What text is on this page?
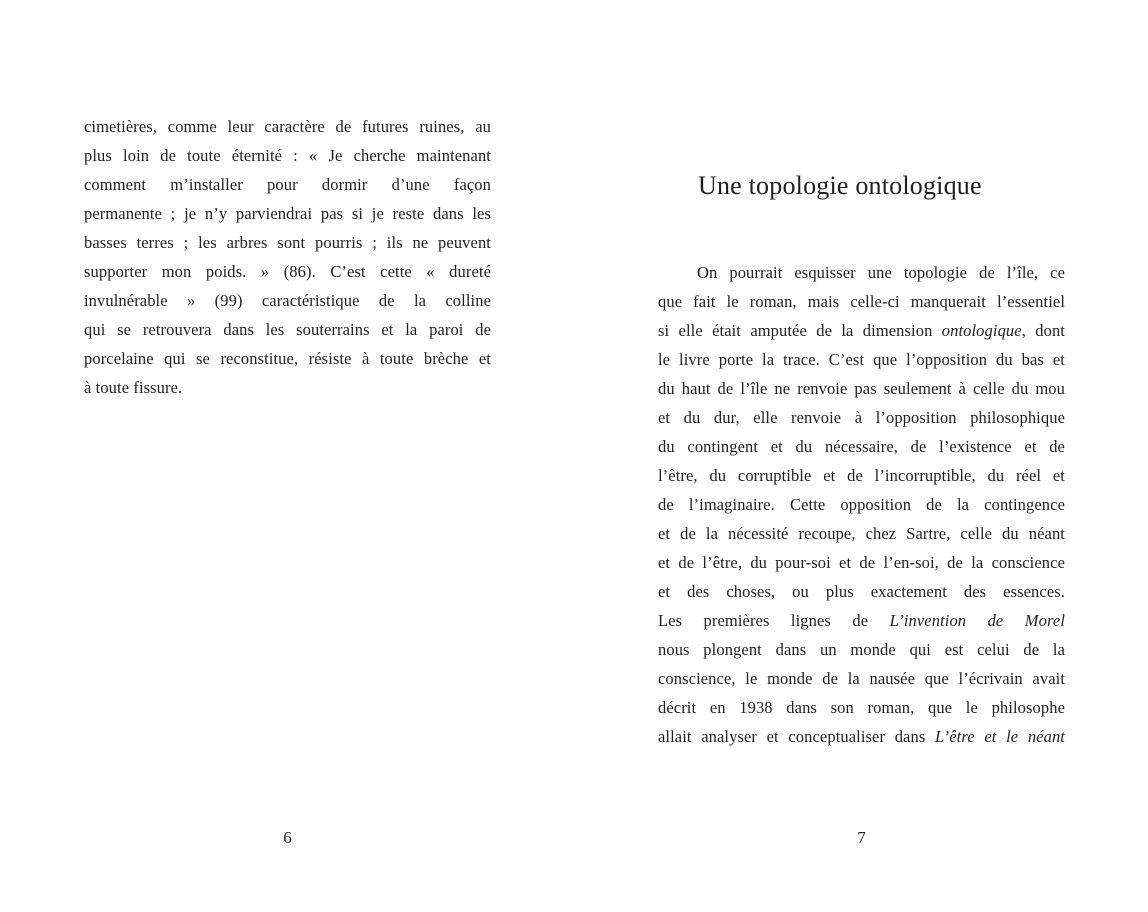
cimetières, comme leur caractère de futures ruines, au
plus loin de toute éternité : « Je cherche maintenant
comment m’installer pour dormir d’une façon
permanente ; je n’y parviendrai pas si je reste dans les
basses terres ; les arbres sont pourris ; ils ne peuvent
supporter mon poids. » (86). C’est cette « dureté
invulnérable » (99) caractéristique de la colline
qui se retrouvera dans les souterrains et la paroi de
porcelaine qui se reconstitue, résiste à toute brèche et
à toute fissure.
6
Une topologie ontologique
On pourrait esquisser une topologie de l’île, ce
que fait le roman, mais celle-ci manquerait l’essentiel
si elle était amputée de la dimension ontologique, dont
le livre porte la trace. C’est que l’opposition du bas et
du haut de l’île ne renvoie pas seulement à celle du mou
et du dur, elle renvoie à l’opposition philosophique
du contingent et du nécessaire, de l’existence et de
l’être, du corruptible et de l’incorruptible, du réel et
de l’imaginaire. Cette opposition de la contingence
et de la nécessité recoupe, chez Sartre, celle du néant
et de l’être, du pour-soi et de l’en-soi, de la conscience
et des choses, ou plus exactement des essences.
Les premières lignes de L’invention de Morel
nous plongent dans un monde qui est celui de la
conscience, le monde de la nausée que l’écrivain avait
décrit en 1938 dans son roman, que le philosophe
allait analyser et conceptualiser dans L’être et le néant
7
